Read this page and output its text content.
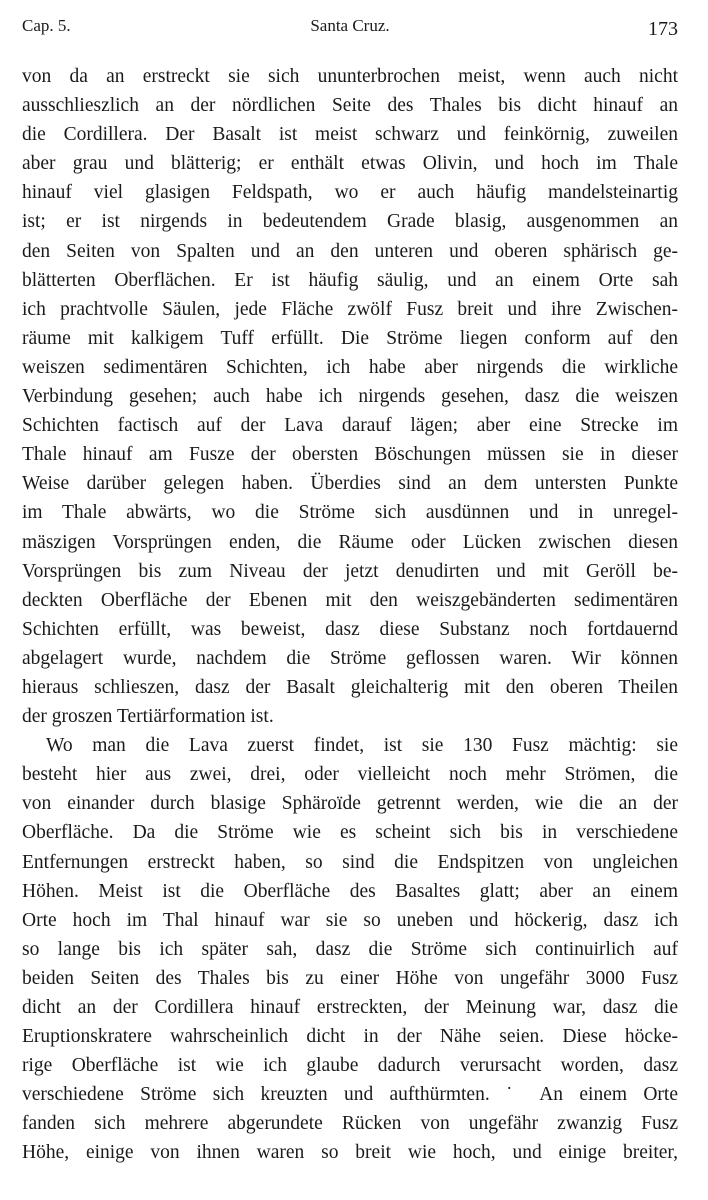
Cap. 5.	Santa Cruz.	173
von da an erstreckt sie sich ununterbrochen meist, wenn auch nicht
ausschlieszlich an der nördlichen Seite des Thales bis dicht hinauf an
die Cordillera. Der Basalt ist meist schwarz und feinkörnig, zuweilen
aber grau und blätterig; er enthält etwas Olivin, und hoch im Thale
hinauf viel glasigen Feldspath, wo er auch häufig mandelsteinartig
ist; er ist nirgends in bedeutendem Grade blasig, ausgenommen an
den Seiten von Spalten und an den unteren und oberen sphärisch ge-
blätterten Oberflächen. Er ist häufig säulig, und an einem Orte sah
ich prachtvolle Säulen, jede Fläche zwölf Fusz breit und ihre Zwischen-
räume mit kalkigem Tuff erfüllt. Die Ströme liegen conform auf den
weiszen sedimentären Schichten, ich habe aber nirgends die wirkliche
Verbindung gesehen; auch habe ich nirgends gesehen, dasz die weiszen
Schichten factisch auf der Lava darauf lägen; aber eine Strecke im
Thale hinauf am Fusze der obersten Böschungen müssen sie in dieser
Weise darüber gelegen haben. Überdies sind an dem untersten Punkte
im Thale abwärts, wo die Ströme sich ausdünnen und in unregel-
mäszigen Vorsprüngen enden, die Räume oder Lücken zwischen diesen
Vorsprüngen bis zum Niveau der jetzt denudirten und mit Geröll be-
deckten Oberfläche der Ebenen mit den weiszgebänderten sedimentären
Schichten erfüllt, was beweist, dasz diese Substanz noch fortdauernd
abgelagert wurde, nachdem die Ströme geflossen waren. Wir können
hieraus schlieszen, dasz der Basalt gleichalterig mit den oberen Theilen
der groszen Tertiärformation ist.
Wo man die Lava zuerst findet, ist sie 130 Fusz mächtig: sie
besteht hier aus zwei, drei, oder vielleicht noch mehr Strömen, die
von einander durch blasige Sphäroïde getrennt werden, wie die an der
Oberfläche. Da die Ströme wie es scheint sich bis in verschiedene
Entfernungen erstreckt haben, so sind die Endspitzen von ungleichen
Höhen. Meist ist die Oberfläche des Basaltes glatt; aber an einem
Orte hoch im Thal hinauf war sie so uneben und höckerig, dasz ich
so lange bis ich später sah, dasz die Ströme sich continuirlich auf
beiden Seiten des Thales bis zu einer Höhe von ungefähr 3000 Fusz
dicht an der Cordillera hinauf erstreckten, der Meinung war, dasz die
Eruptionskratere wahrscheinlich dicht in der Nähe seien. Diese höcke-
rige Oberfläche ist wie ich glaube dadurch verursacht worden, dasz
verschiedene Ströme sich kreuzten und aufthürmten. ˙ An einem Orte
fanden sich mehrere abgerundete Rücken von ungefähr zwanzig Fusz
Höhe, einige von ihnen waren so breit wie hoch, und einige breiter,
